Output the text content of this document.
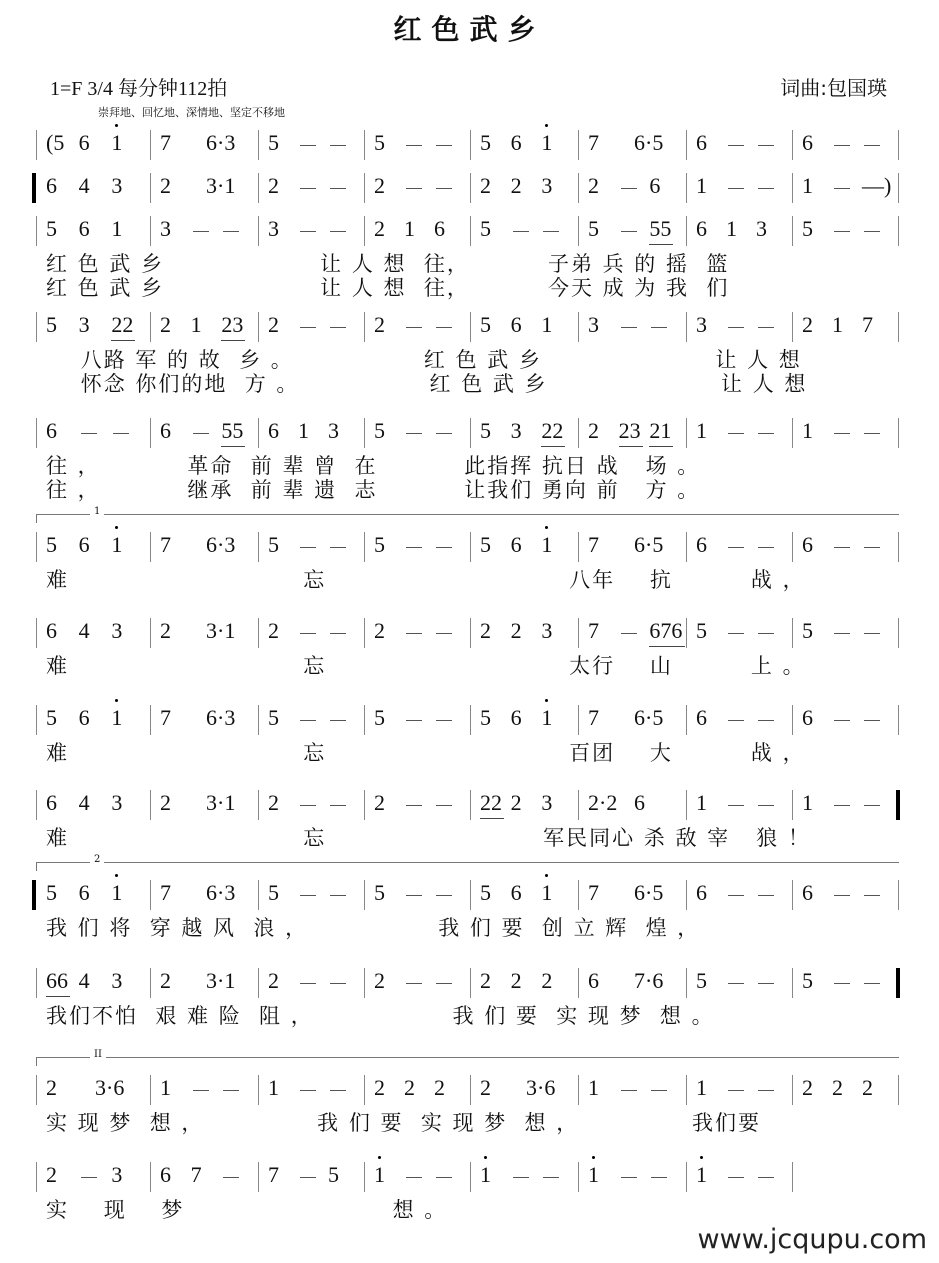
红色武乡
1=F 3/4 每分钟112拍
崇拜地、回忆地、深情地、坚定不移地
词曲:包国瑛
(5 6 1 7 6·3 5	5	5 6 1 7 6·5 6	6
6 4 3 2 3·1 2	2	2 2 3 2 6 1	1 —)
5 6 1 3	3	2 1 6 5	5 55 6 1 3 5
红 色 武 乡                  让 人 想  往，         子弟 兵 的 摇  篮
红 色 武 乡                  让 人 想  往，         今天 成 为 我  们
5 3 22 2 1 23 2	2	5 6 1 3	3	2 1 7
八路 军 的 故  乡 。               红 色 武 乡                    让 人 想
怀念 你们的地  方 。               红 色 武 乡                    让 人 想
6	6 55 6 1 3 5	5 3 22 2 23 21 1	1
往 ，          革命  前 辈 曾  在          此指挥 抗日 战   场 。
往 ，          继承  前 辈 遗  志          让我们 勇向 前   方 。
1
5 6 1 7 6·3 5	5	5 6 1 7 6·5 6	6
难                           忘                            八年    抗         战 ，
6 4 3 2 3·1 2	2	2 2 3 7 676 5	5
难                           忘                            太行    山         上 。
5 6 1 7 6·3 5	5	5 6 1 7 6·5 6	6
难                           忘                            百团    大         战 ，
6 4 3 2 3·1 2	2	22 2 3 2·2 6 1	1
难                           忘                         军民同心 杀 敌 宰   狼 ！
2
5 6 1 7 6·3 5	5	5 6 1 7 6·5 6	6
我 们 将  穿 越 风  浪 ，               我 们 要  创 立 辉  煌 ，
66 4 3 2 3·1 2	2	2 2 2 6 7·6 5	5
我们不怕  艰 难 险  阻 ，                我 们 要  实 现 梦  想 。
II
2 3·6 1	1	2 2 2 2 3·6 1	1	2 2 2
实 现 梦  想 ，             我 们 要  实 现 梦  想 ，             我们要
2 3 6 7	7 5 1	1	1	1
实    现    梦                        想 。
www.jcqupu.com
